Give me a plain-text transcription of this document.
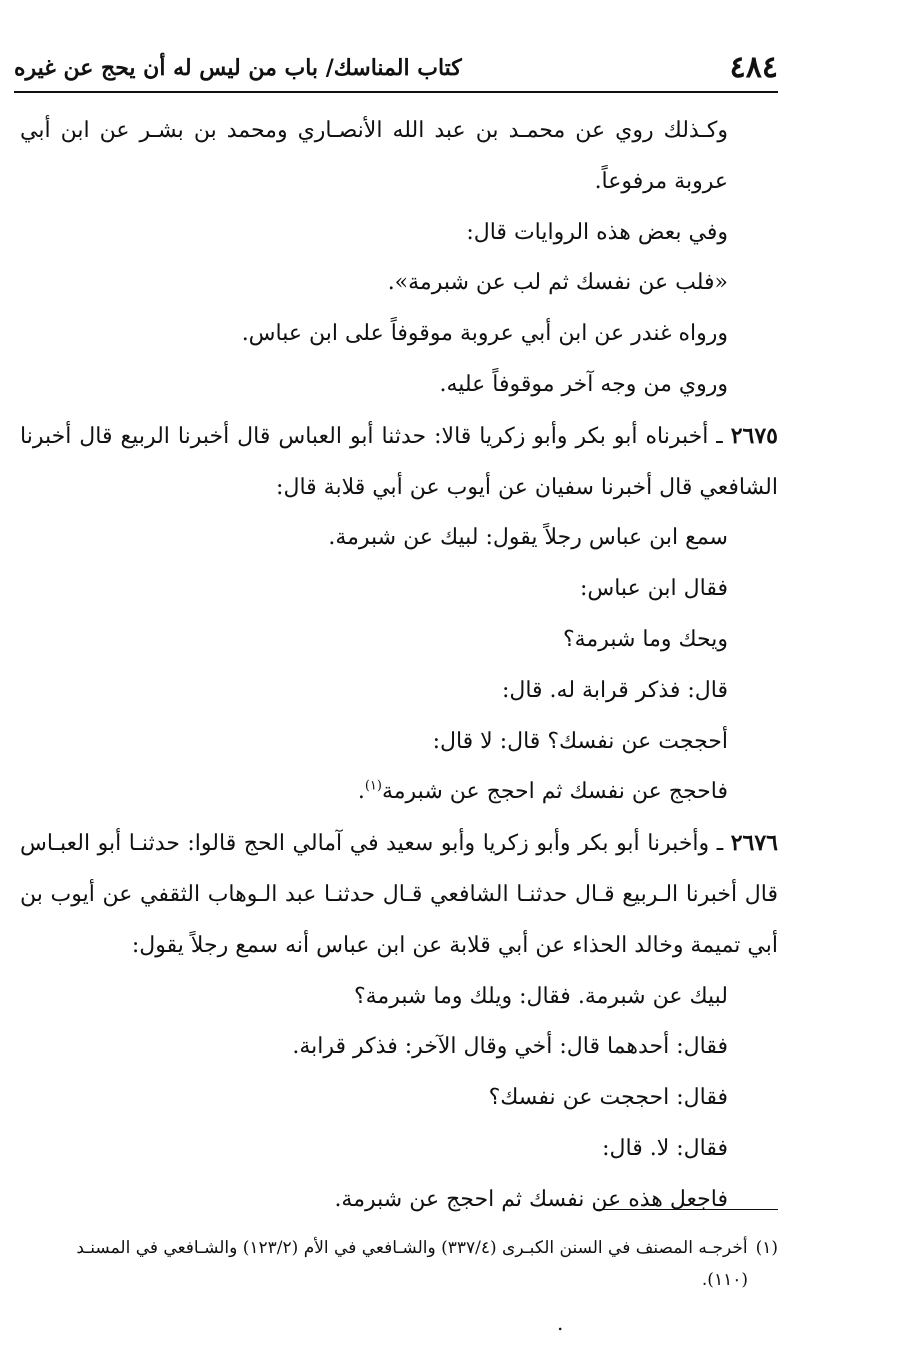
٤٨٤
كتاب المناسك/ باب من ليس له أن يحج عن غيره

وكـذلك روي عن محمـد بن عبد الله الأنصـاري ومحمد بن بشـر عن ابن أبي عروبة مرفوعاً.

وفي بعض هذه الروايات قال:

«فلب عن نفسك ثم لب عن شبرمة».

ورواه غندر عن ابن أبي عروبة موقوفاً على ابن عباس.

وروي من وجه آخر موقوفاً عليه.

٢٦٧٥ ـ أخبرناه أبو بكر وأبو زكريا قالا: حدثنا أبو العباس قال أخبرنا الربيع قال أخبرنا الشافعي قال أخبرنا سفيان عن أيوب عن أبي قلابة قال:

سمع ابن عباس رجلاً يقول: لبيك عن شبرمة.

فقال ابن عباس:

ويحك وما شبرمة؟

قال: فذكر قرابة له. قال:

أحججت عن نفسك؟ قال: لا قال:

فاحجج عن نفسك ثم احجج عن شبرمة$^{(١)}$.

٢٦٧٦ ـ وأخبرنا أبو بكر وأبو زكريا وأبو سعيد في آمالي الحج قالوا: حدثنـا أبو العبـاس قال أخبرنا الـربيع قـال حدثنـا الشافعي قـال حدثنـا عبد الـوهاب الثقفي عن أيوب بن أبي تميمة وخالد الحذاء عن أبي قلابة عن ابن عباس أنه سمع رجلاً يقول:

لبيك عن شبرمة. فقال: ويلك وما شبرمة؟

فقال: أحدهما قال: أخي وقال الآخر: فذكر قرابة.

فقال: احججت عن نفسك؟

فقال: لا. قال:

فاجعل هذه عن نفسك ثم احجج عن شبرمة.

(١)أخرجـه المصنف في السنن الكبـرى (٣٣٧/٤) والشـافعي في الأم (١٢٣/٢) والشـافعي في المسنـد
(١١٠).
.
